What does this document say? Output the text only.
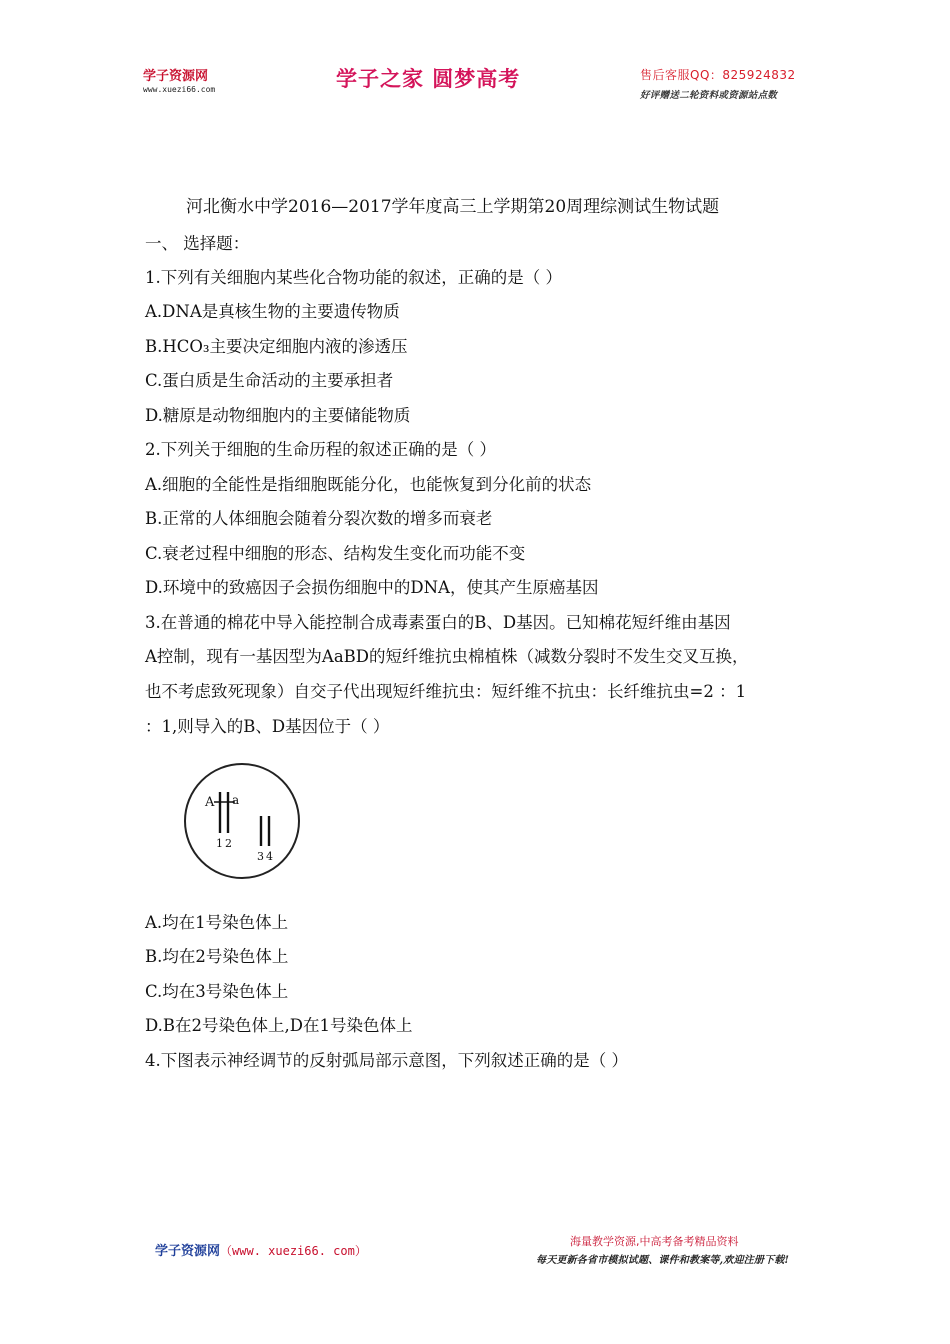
学子资源网
www.xuezi66.com	学子之家 圆梦高考	售后客服QQ：825924832
好评赠送二轮资料或资源站点数
河北衡水中学2016—2017学年度高三上学期第20周理综测试生物试题
一、 选择题：
1.下列有关细胞内某些化合物功能的叙述，正确的是（ ）
A.DNA是真核生物的主要遗传物质
B.HCO₃主要决定细胞内液的渗透压
C.蛋白质是生命活动的主要承担者
D.糖原是动物细胞内的主要储能物质
2.下列关于细胞的生命历程的叙述正确的是（ ）
A.细胞的全能性是指细胞既能分化，也能恢复到分化前的状态
B.正常的人体细胞会随着分裂次数的增多而衰老
C.衰老过程中细胞的形态、结构发生变化而功能不变
D.环境中的致癌因子会损伤细胞中的DNA，使其产生原癌基因
3.在普通的棉花中导入能控制合成毒素蛋白的B、D基因。已知棉花短纤维由基因
A控制，现有一基因型为AaBD的短纤维抗虫棉植株（减数分裂时不发生交叉互换，
也不考虑致死现象）自交子代出现短纤维抗虫：短纤维不抗虫：长纤维抗虫=2 ：1
：1,则导入的B、D基因位于（ ）
A a
1 2
3 4
A.均在1号染色体上
B.均在2号染色体上
C.均在3号染色体上
D.B在2号染色体上,D在1号染色体上
4.下图表示神经调节的反射弧局部示意图，下列叙述正确的是（ ）
学子资源网（www. xuezi66. com）
海量教学资源,中高考备考精品资料
每天更新各省市模拟试题、课件和教案等,欢迎注册下载!
